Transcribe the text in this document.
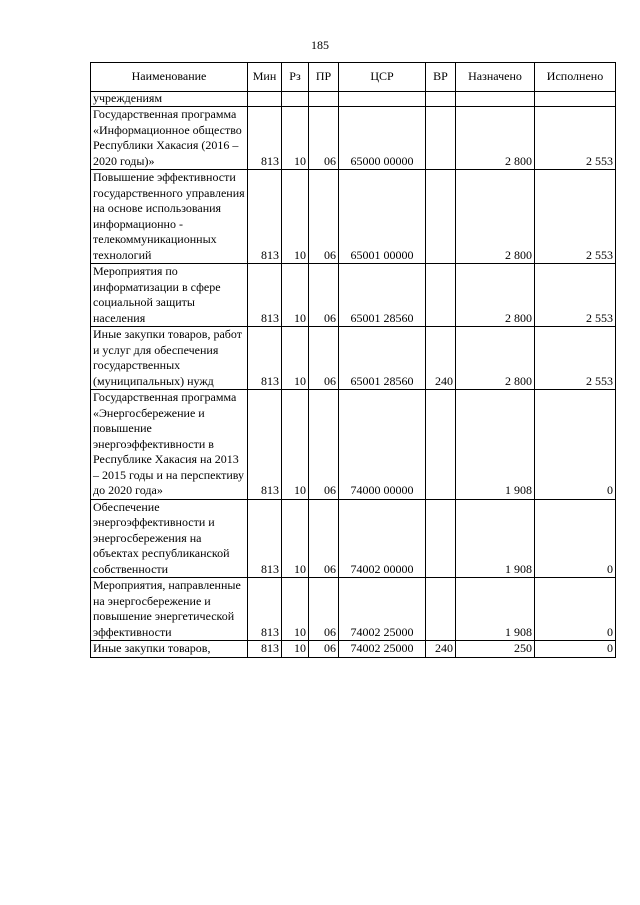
185
Наименование	Мин	Рз	ПР	ЦСР	ВР	Назначено	Исполнено
учреждениям							
Государственная программа «Информационное общество Республики Хакасия (2016 – 2020 годы)»	813	10	06	65000 00000		2 800	2 553
Повышение эффективности государственного управления на основе использования информационно - телекоммуникационных технологий	813	10	06	65001 00000		2 800	2 553
Мероприятия по информатизации в сфере социальной защиты населения	813	10	06	65001 28560		2 800	2 553
Иные закупки товаров, работ и услуг для обеспечения государственных (муниципальных) нужд	813	10	06	65001 28560	240	2 800	2 553
Государственная программа «Энергосбережение и повышение энергоэффективности в Республике Хакасия на 2013 – 2015 годы и на перспективу до 2020 года»	813	10	06	74000 00000		1 908	0
Обеспечение энергоэффективности и энергосбережения на объектах республиканской собственности	813	10	06	74002 00000		1 908	0
Мероприятия, направленные на энергосбережение и повышение энергетической эффективности	813	10	06	74002 25000		1 908	0
Иные закупки товаров,	813	10	06	74002 25000	240	250	0
